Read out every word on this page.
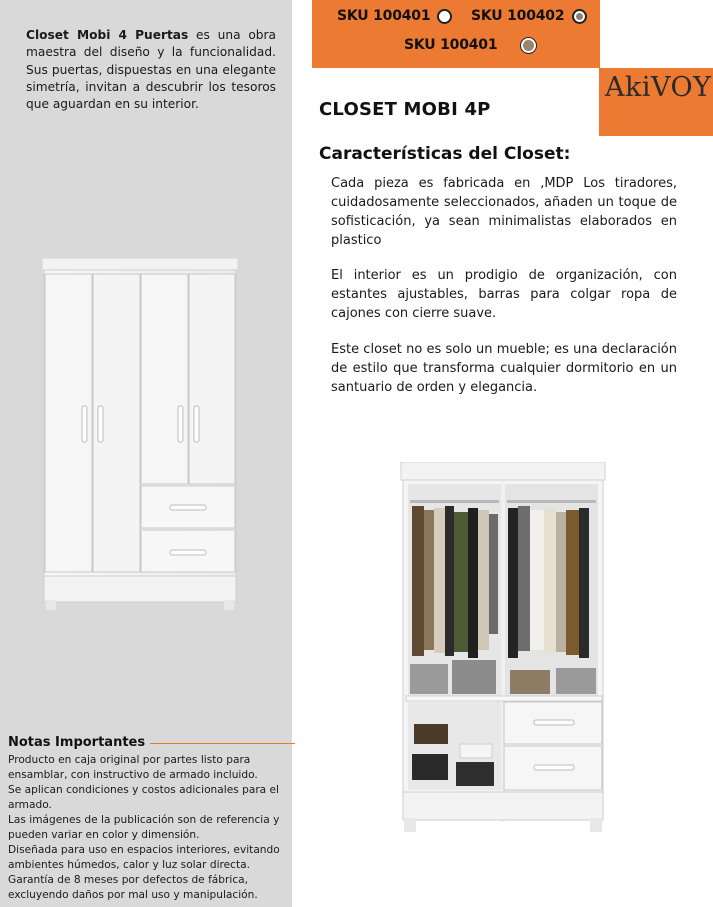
Closet Mobi 4 Puertas es una obra maestra del diseño y la funcionalidad. Sus puertas, dispuestas en una elegante simetría, invitan a descubrir los tesoros que aguardan en su interior.

Notas Importantes
Producto en caja original por partes listo para ensamblar, con instructivo de armado incluido.
Se aplican condiciones y costos adicionales para el armado.
Las imágenes de la publicación son de referencia y pueden variar en color y dimensión.
Diseñada para uso en espacios interiores, evitando ambientes húmedos, calor y luz solar directa.
Garantía de 8 meses por defectos de fábrica, excluyendo daños por mal uso y manipulación.
SKU 100401	SKU 100402
SKU 100401
AkiVOY
CLOSET MOBI 4P
Características del Closet:

Cada pieza es fabricada en ,MDP Los tiradores, cuidadosamente seleccionados, añaden un toque de sofisticación, ya sean minimalistas elaborados en plastico

El interior es un prodigio de organización, con estantes ajustables, barras para colgar ropa de cajones con cierre suave.

Este closet no es solo un mueble; es una declaración de estilo que transforma cualquier dormitorio en un santuario de orden y elegancia.
